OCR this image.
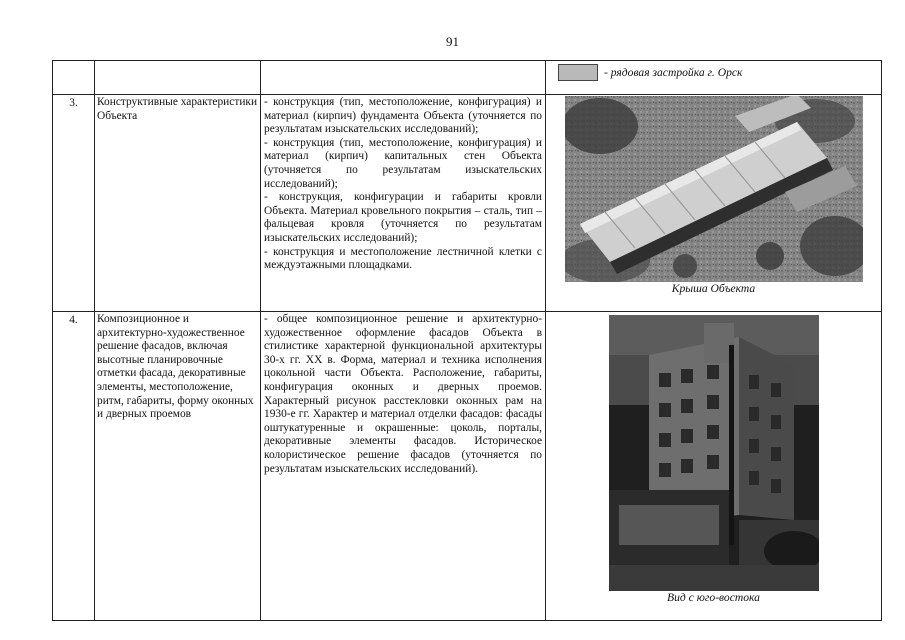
91

			- рядовая застройка г. Орск

3.	Конструктивные характеристики Объекта	- конструкция (тип, местоположение, конфигурация) и материал (кирпич) фундамента Объекта (уточняется по результатам изыскательских исследований);
- конструкция (тип, местоположение, конфигурация) и материал (кирпич) капитальных стен Объекта (уточняется по результатам изыскательских исследований);
- конструкция, конфигурации и габариты кровли Объекта. Материал кровельного покрытия – сталь, тип – фальцевая кровля (уточняется по результатам изыскательских исследований);
- конструкция и местоположение лестничной клетки с междуэтажными площадками.	Крыша Объекта

4.	Композиционное и архитектурно-художественное решение фасадов, включая высотные планировочные отметки фасада, декоративные элементы, местоположение, ритм, габариты, форму оконных и дверных проемов	- общее композиционное решение и архитектурно-художественное оформление фасадов Объекта в стилистике характерной функциональной архитектуры 30-х гг. XX в. Форма, материал и техника исполнения цокольной части Объекта. Расположение, габариты, конфигурация оконных и дверных проемов. Характерный рисунок расстекловки оконных рам на 1930-е гг. Характер и материал отделки фасадов: фасады оштукатуренные и окрашенные: цоколь, порталы, декоративные элементы фасадов. Историческое колористическое решение фасадов (уточняется по результатам изыскательских исследований).	Вид с юго-востока
